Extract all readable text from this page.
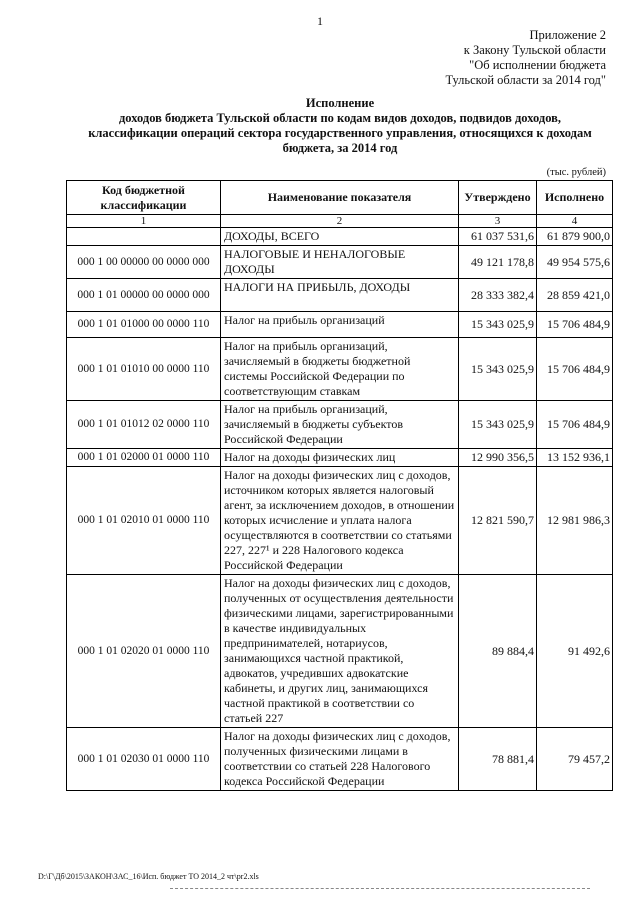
1
Приложение 2
к Закону Тульской области
"Об исполнении бюджета
Тульской области за 2014 год"
Исполнение
доходов бюджета Тульской области по кодам видов доходов, подвидов доходов,
классификации операций сектора государственного управления, относящихся к доходам
бюджета, за 2014 год
(тыс. рублей)
Код бюджетной классификации	Наименование показателя	Утверждено	Исполнено
1	2	3	4
	ДОХОДЫ, ВСЕГО	61 037 531,6	61 879 900,0
000 1 00 00000 00 0000 000	НАЛОГОВЫЕ И НЕНАЛОГОВЫЕ ДОХОДЫ	49 121 178,8	49 954 575,6
000 1 01 00000 00 0000 000	НАЛОГИ НА ПРИБЫЛЬ, ДОХОДЫ	28 333 382,4	28 859 421,0
000 1 01 01000 00 0000 110	Налог на прибыль организаций	15 343 025,9	15 706 484,9
000 1 01 01010 00 0000 110	Налог на прибыль организаций, зачисляемый в бюджеты бюджетной системы Российской Федерации по соответствующим ставкам	15 343 025,9	15 706 484,9
000 1 01 01012 02 0000 110	Налог на прибыль организаций, зачисляемый в бюджеты субъектов Российской Федерации	15 343 025,9	15 706 484,9
000 1 01 02000 01 0000 110	Налог на доходы физических лиц	12 990 356,5	13 152 936,1
000 1 01 02010 01 0000 110	Налог на доходы физических лиц с доходов, источником которых является налоговый агент, за исключением доходов, в отношении которых исчисление и уплата налога осуществляются в соответствии со статьями 227, 227¹ и 228 Налогового кодекса Российской Федерации	12 821 590,7	12 981 986,3
000 1 01 02020 01 0000 110	Налог на доходы физических лиц с доходов, полученных от осуществления деятельности физическими лицами, зарегистрированными в качестве индивидуальных предпринимателей, нотариусов, занимающихся частной практикой, адвокатов, учредивших адвокатские кабинеты, и других лиц, занимающихся частной практикой в соответствии со статьей 227	89 884,4	91 492,6
000 1 01 02030 01 0000 110	Налог на доходы физических лиц с доходов, полученных физическими лицами в соответствии со статьей 228 Налогового кодекса Российской Федерации	78 881,4	79 457,2
D:\Г\Дб\2015\ЗАКОН\ЗАС_16\Исп. бюджет ТО 2014_2 чт\pr2.xls
